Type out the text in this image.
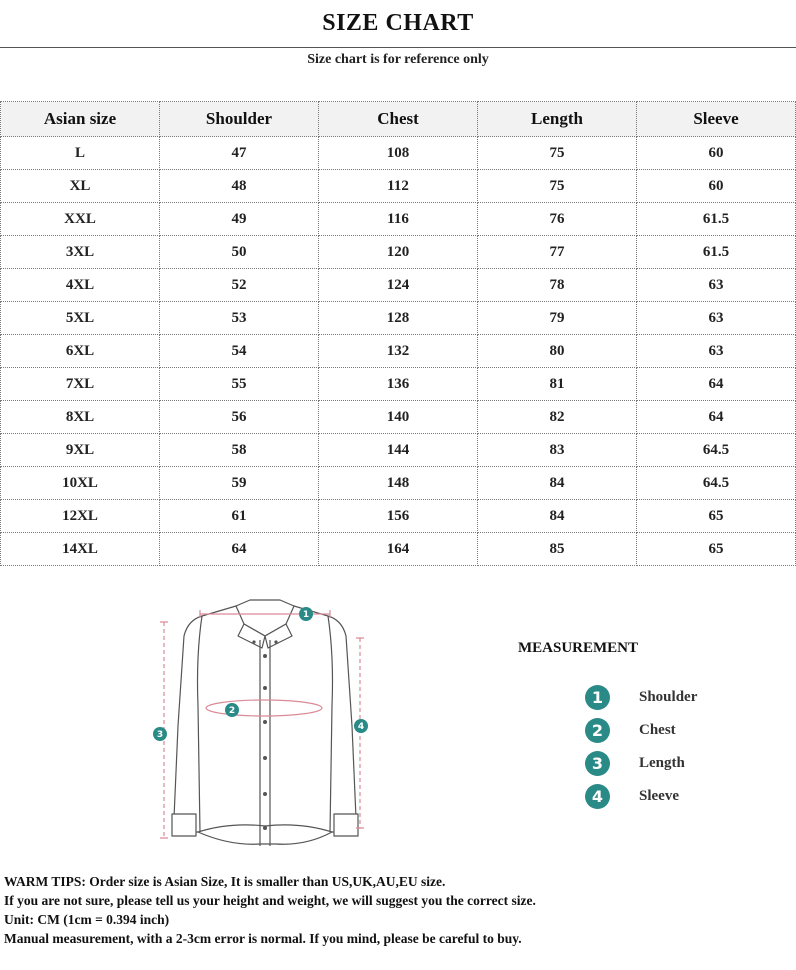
SIZE CHART
Size chart is for reference only
Asian size	Shoulder	Chest	Length	Sleeve
L	47	108	75	60
XL	48	112	75	60
XXL	49	116	76	61.5
3XL	50	120	77	61.5
4XL	52	124	78	63
5XL	53	128	79	63
6XL	54	132	80	63
7XL	55	136	81	64
8XL	56	140	82	64
9XL	58	144	83	64.5
10XL	59	148	84	64.5
12XL	61	156	84	65
14XL	64	164	85	65
1
2
3
4
MEASUREMENT
1	Shoulder
2	Chest
3	Length
4	Sleeve
WARM TIPS: Order size is Asian Size, It is smaller than US,UK,AU,EU size.
If you are not sure, please tell us your height and weight, we will suggest you the correct size.
Unit: CM (1cm = 0.394 inch)
Manual measurement, with a 2-3cm error is normal. If you mind, please be careful to buy.
